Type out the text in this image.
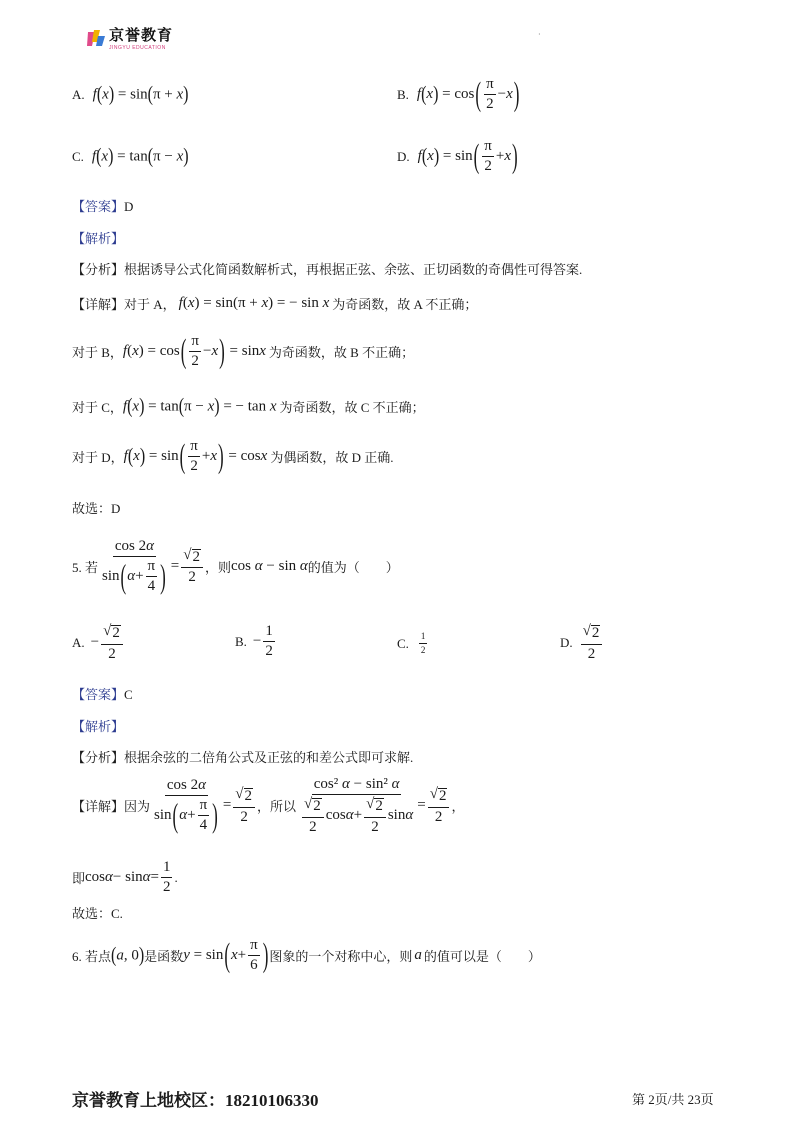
京誉教育
JINGYU EDUCATION
·
A. f(x) = sin(π + x)	B. f ( x ) = cos ( $\frac{\pi}{2} - x$ )
C. f(x) = tan(π − x)	D. f ( x ) = sin ( $\frac{\pi}{2} + x$ )
【答案】D
【解析】
【分析】根据诱导公式化简函数解析式，再根据正弦、余弦、正切函数的奇偶性可得答案.
【详解】 对于 A， f(x) = sin(π + x) = − sin x 为奇函数，故 A 不正确；
对于 B， f ( x ) = cos ( $\frac{\pi}{2} - x$ ) = sin x 为奇函数，故 B 不正确；
对于 C， f(x) = tan(π − x) = − tan x 为奇函数，故 C 不正确；
对于 D， f ( x ) = sin ( $\frac{\pi}{2} + x$ ) = cos x 为偶函数，故 D 正确.
故选：D
5. 若 $\frac{\cos 2\alpha}{\sin ( \alpha + \frac{\pi}{4} )} = \frac{√ 2}{2}$ ，则 cos α − sin α 的值为（　　）
A. − $\frac{√ 2}{2}$	B. − $\frac{1}{2}$	C. $\frac{1}{2}$	D. $\frac{√ 2}{2}$
【答案】C
【解析】
【分析】根据余弦的二倍角公式及正弦的和差公式即可求解.
【详解】 因为 $\frac{\cos 2\alpha}{\sin ( \alpha + \frac{\pi}{4} )} = \frac{√ 2}{2}$ ，所以 $\frac{\text{cos² α − sin² α}}{\frac{√ 2}{2} \cos \alpha + \frac{√ 2}{2} \sin \alpha} = \frac{√ 2}{2}$ ，
即 $\cos \alpha - \sin \alpha = \frac{1}{2}$ .
故选：C.
6. 若点 (a, 0) 是函数 y = sin ( $x + \frac{\pi}{6}$ ) 图象的一个对称中心，则 a 的值可以是（　　）
京誉教育上地校区：18210106330	第 2页/共 23页
